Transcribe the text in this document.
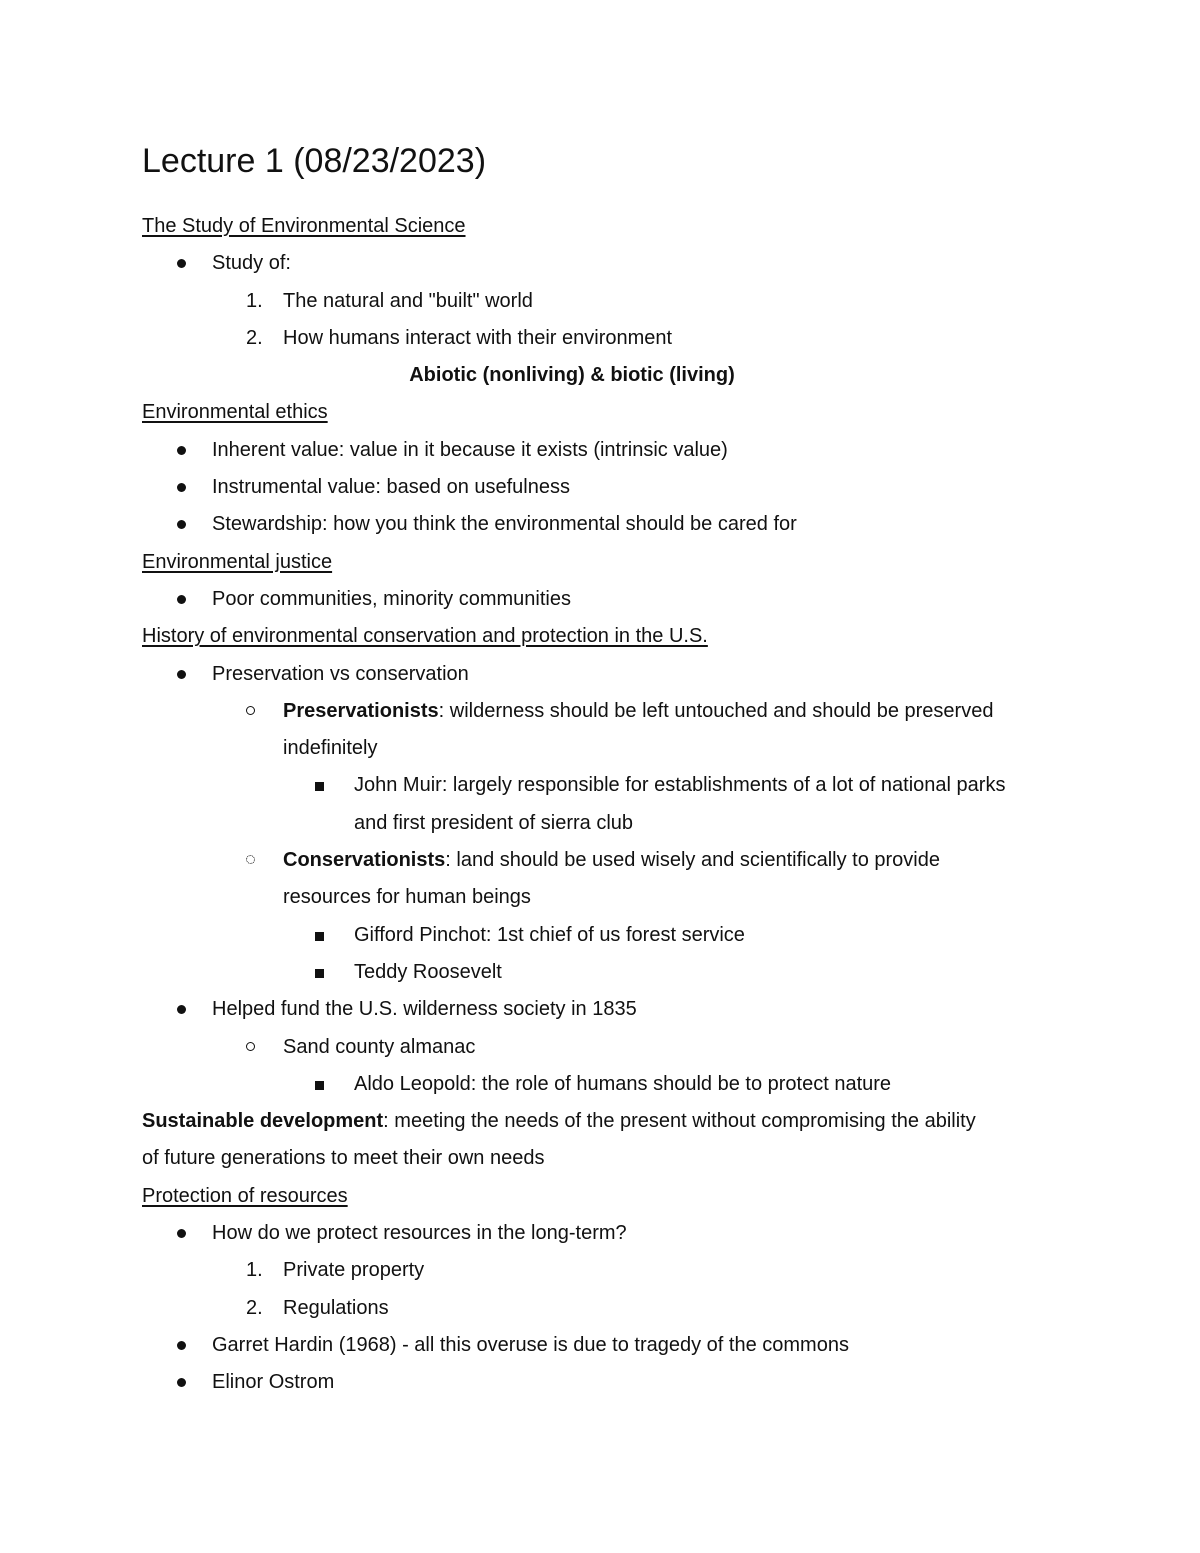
Lecture 1 (08/23/2023)
The Study of Environmental Science
Study of:
1. The natural and "built" world
2. How humans interact with their environment
Abiotic (nonliving) & biotic (living)
Environmental ethics
Inherent value: value in it because it exists (intrinsic value)
Instrumental value: based on usefulness
Stewardship: how you think the environmental should be cared for
Environmental justice
Poor communities, minority communities
History of environmental conservation and protection in the U.S.
Preservation vs conservation
Preservationists: wilderness should be left untouched and should be preserved
indefinitely
John Muir: largely responsible for establishments of a lot of national parks
and first president of sierra club
Conservationists: land should be used wisely and scientifically to provide
resources for human beings
Gifford Pinchot: 1st chief of us forest service
Teddy Roosevelt
Helped fund the U.S. wilderness society in 1835
Sand county almanac
Aldo Leopold: the role of humans should be to protect nature
Sustainable development: meeting the needs of the present without compromising the ability
of future generations to meet their own needs
Protection of resources
How do we protect resources in the long-term?
1. Private property
2. Regulations
Garret Hardin (1968) - all this overuse is due to tragedy of the commons
Elinor Ostrom
